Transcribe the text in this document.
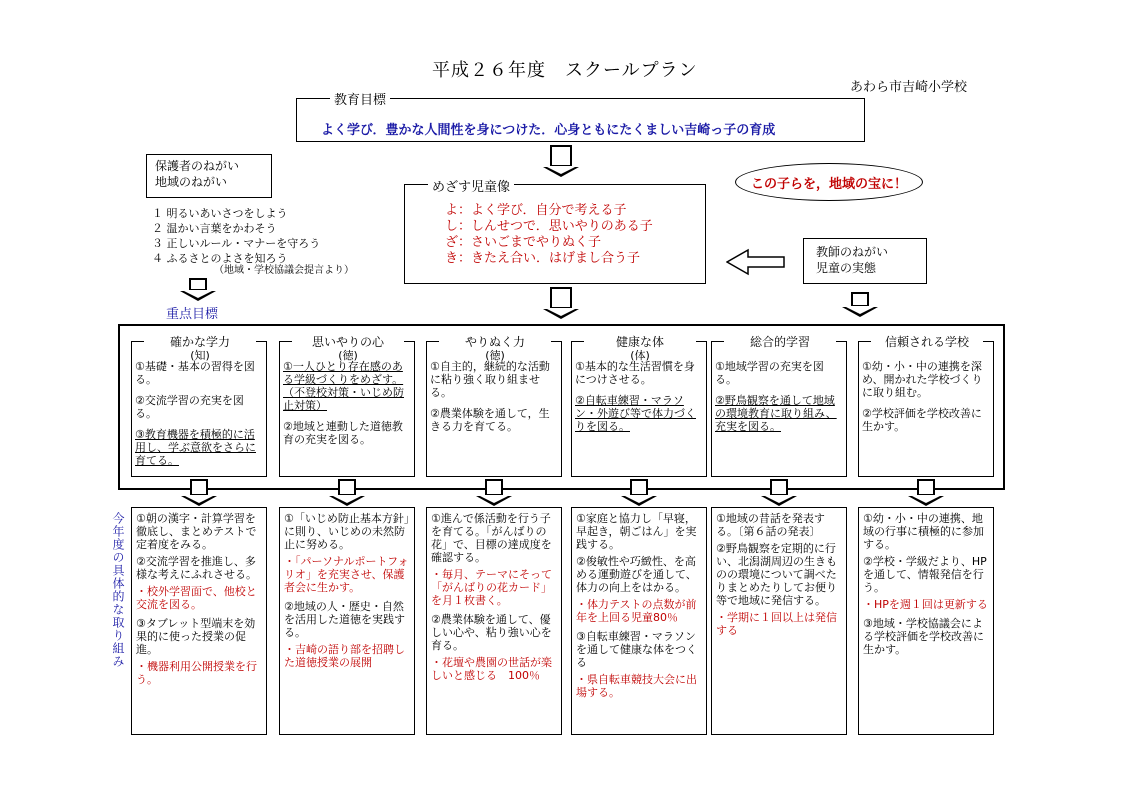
平成２６年度　スクールプラン
あわら市吉崎小学校
よく学び．豊かな人間性を身につけた．心身ともにたくましい吉崎っ子の育成
教育目標
保護者のねがい
地域のねがい
１ 明るいあいさつをしよう
２ 温かい言葉をかわそう
３ 正しいルール・マナーを守ろう
４ ふるさとのよさを知ろう
（地域・学校協議会提言より）
重点目標
よ：よく学び．自分で考える子
し：しんせつで．思いやりのある子
ざ：さいごまでやりぬく子
き：きたえ合い．はげまし合う子
めざす児童像	この子らを，地域の宝に！
教師のねがい
児童の実態
今年度の具体的な取り組み
確かな学力
(知)
①基礎・基本の習得を図る。
②交流学習の充実を図る。
③教育機器を積極的に活用し、学ぶ意欲をさらに育てる。
①朝の漢字・計算学習を徹底し、まとめテストで定着度をみる。
②交流学習を推進し、多様な考えにふれさせる。
・校外学習面で、他校と交流を図る。
③タブレット型端末を効果的に使った授業の促進。
・機器利用公開授業を行う。
思いやりの心
(徳)
①一人ひとり存在感のある学級づくりをめざす。（不登校対策・いじめ防止対策）
②地域と連動した道徳教育の充実を図る。
①「いじめ防止基本方針」に則り、いじめの未然防止に努める。
・「パーソナルポートフォリオ」を充実させ、保護者会に生かす。
②地域の人・歴史・自然を活用した道徳を実践する。
・吉崎の語り部を招聘した道徳授業の展開
やりぬく力
(徳)
①自主的，継続的な活動に粘り強く取り組ませる。
②農業体験を通して，生きる力を育てる。
①進んで係活動を行う子を育てる。「がんばりの花」で、目標の達成度を確認する。
・毎月、テーマにそって「がんばりの花カード」を月１枚書く。
②農業体験を通して、優しい心や、粘り強い心を育る。
・花壇や農園の世話が楽しいと感じる　100％
健康な体
(体)
①基本的な生活習慣を身につけさせる。
②自転車練習・マラソン・外遊び等で体力づくりを図る。
①家庭と協力し「早寝，早起き，朝ごはん」を実践する。
②俊敏性や巧緻性、を高める運動遊びを通して、体力の向上をはかる。
・体力テストの点数が前年を上回る児童80％
③自転車練習・マラソンを通して健康な体をつくる
・県自転車競技大会に出場する。
総合的学習
①地域学習の充実を図る。
②野鳥観察を通して地域の環境教育に取り組み、充実を図る。
①地域の昔話を発表する。〔第６話の発表〕
②野鳥観察を定期的に行い、北潟湖周辺の生きものの環境について調べたりまとめたりしてお便り等で地域に発信する。
・学期に１回以上は発信する
信頼される学校
①幼・小・中の連携を深め、開かれた学校づくりに取り組む。
②学校評価を学校改善に生かす。
①幼・小・中の連携、地域の行事に積極的に参加する。
②学校・学級だより、HPを通して、情報発信を行う。
・HPを週１回は更新する
③地域・学校協議会による学校評価を学校改善に生かす。
